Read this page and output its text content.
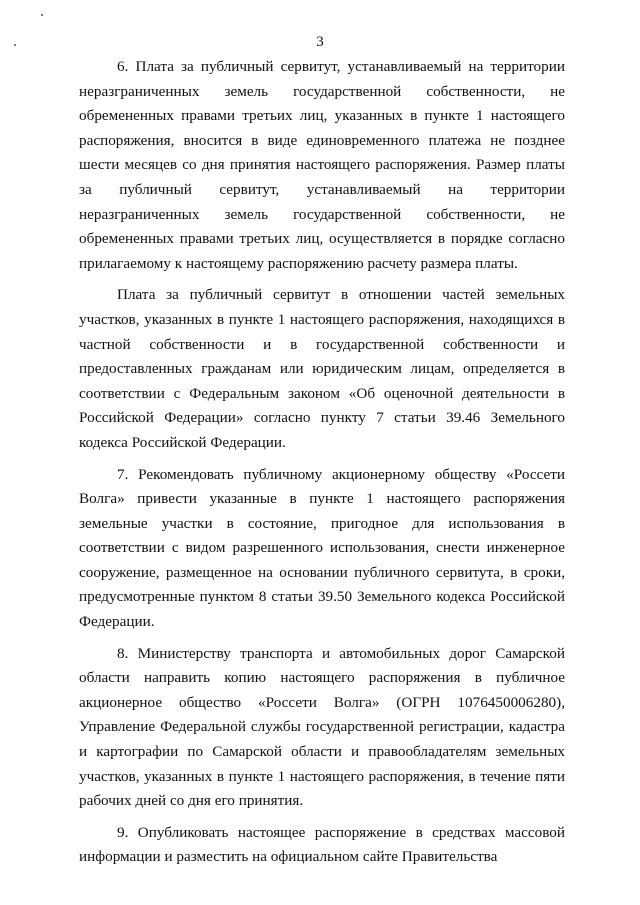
3

6. Плата за публичный сервитут, устанавливаемый на территории неразграниченных земель государственной собственности, не обремененных правами третьих лиц, указанных в пункте 1 настоящего распоряжения, вносится в виде единовременного платежа не позднее шести месяцев со дня принятия настоящего распоряжения. Размер платы за публичный сервитут, устанавливаемый на территории неразграниченных земель государственной собственности, не обремененных правами третьих лиц, осуществляется в порядке согласно прилагаемому к настоящему распоряжению расчету размера платы.

Плата за публичный сервитут в отношении частей земельных участков, указанных в пункте 1 настоящего распоряжения, находящихся в частной собственности и в государственной собственности и предоставленных гражданам или юридическим лицам, определяется в соответствии с Федеральным законом «Об оценочной деятельности в Российской Федерации» согласно пункту 7 статьи 39.46 Земельного кодекса Российской Федерации.

7. Рекомендовать публичному акционерному обществу «Россети Волга» привести указанные в пункте 1 настоящего распоряжения земельные участки в состояние, пригодное для использования в соответствии с видом разрешенного использования, снести инженерное сооружение, размещенное на основании публичного сервитута, в сроки, предусмотренные пунктом 8 статьи 39.50 Земельного кодекса Российской Федерации.

8. Министерству транспорта и автомобильных дорог Самарской области направить копию настоящего распоряжения в публичное акционерное общество «Россети Волга» (ОГРН 1076450006280), Управление Федеральной службы государственной регистрации, кадастра и картографии по Самарской области и правообладателям земельных участков, указанных в пункте 1 настоящего распоряжения, в течение пяти рабочих дней со дня его принятия.

9. Опубликовать настоящее распоряжение в средствах массовой информации и разместить на официальном сайте Правительства
